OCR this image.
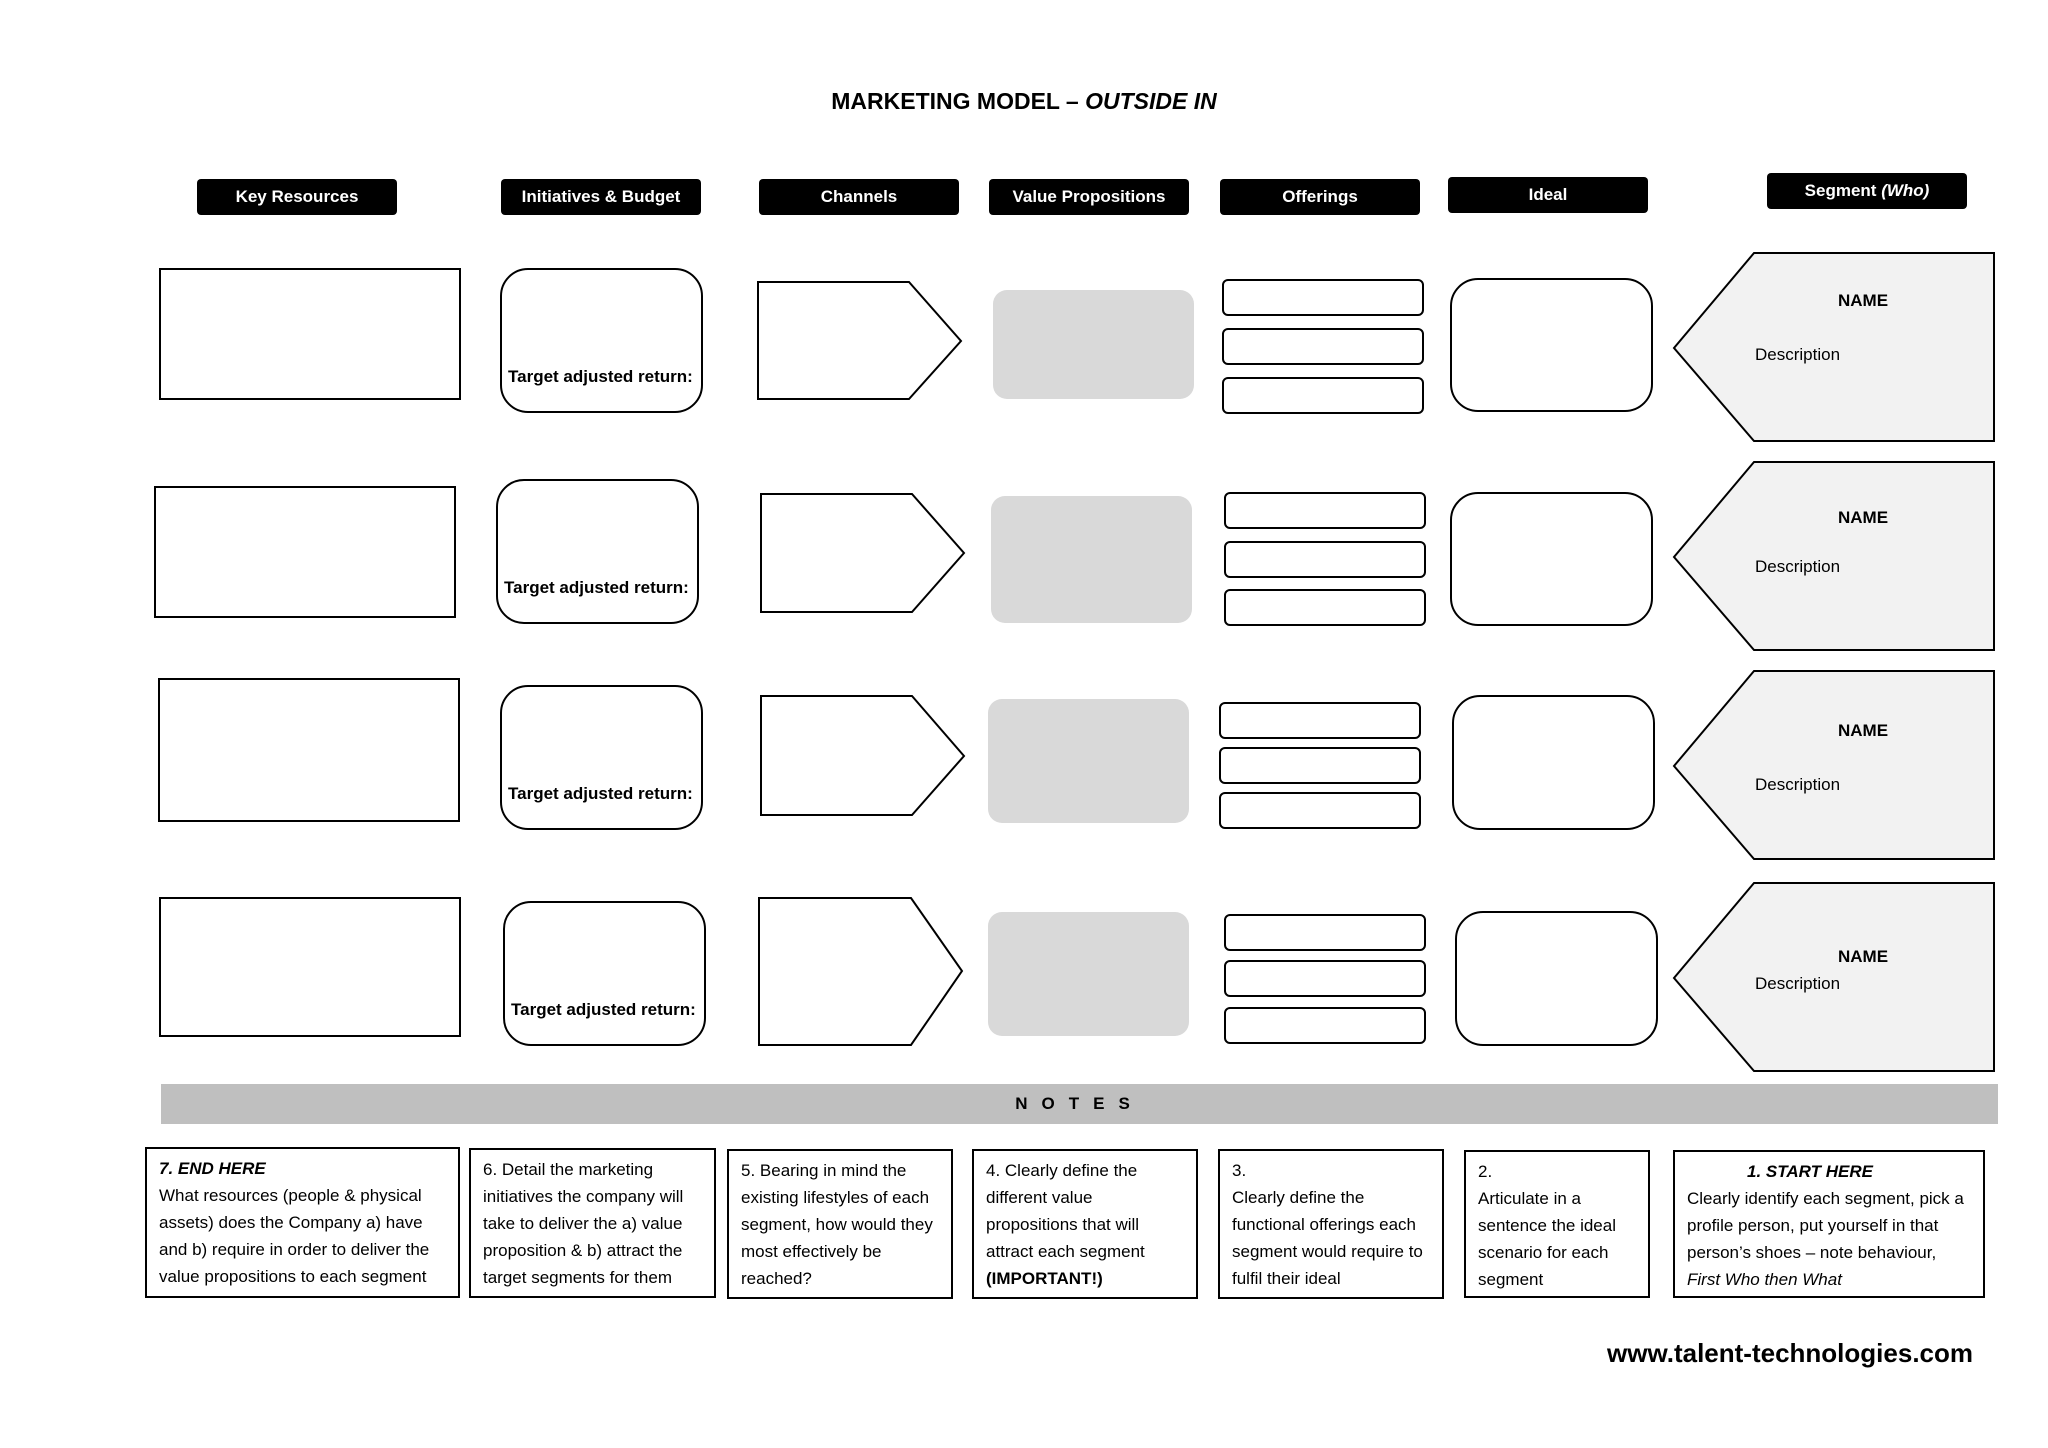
MARKETING MODEL – OUTSIDE IN
Key Resources	Initiatives & Budget	Channels	Value Propositions	Offerings	Ideal	Segment
(Who)
Target adjusted return:
NAME
Description
Target adjusted return:
NAME
Description
Target adjusted return:
NAME
Description
Target adjusted return:
NAME
Description
NOTES
7. END HERE
What resources (people & physical assets) does the Company a) have and b) require in order to deliver the value propositions to each segment
6. Detail the marketing initiatives the company will take to deliver the a) value proposition & b) attract the target segments for them
5. Bearing in mind the existing lifestyles of each segment, how would they most effectively be reached?
4. Clearly define the different value propositions that will attract each segment (IMPORTANT!)
3.
Clearly define the functional offerings each segment would require to fulfil their ideal
2.
Articulate in a sentence the ideal scenario for each segment
1. START HERE
Clearly identify each segment, pick a profile person, put yourself in that person’s shoes – note behaviour, First Who then What
www.talent-technologies.com
